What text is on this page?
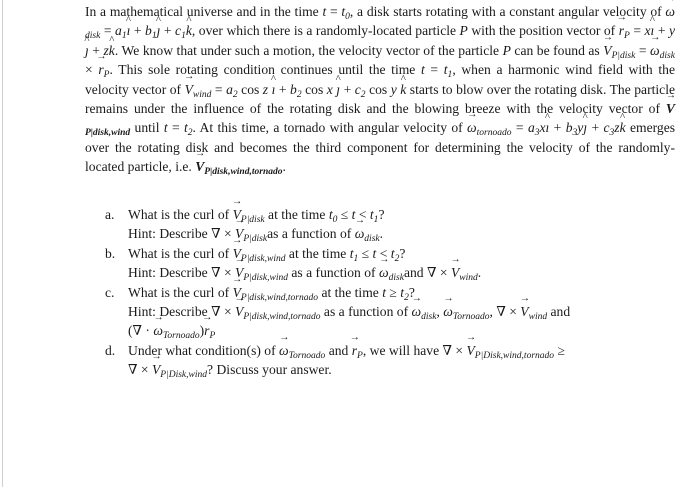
In a mathematical universe and in the time $t = t_0$, a disk starts rotating with a constant angular velocity of → $\omega_{disk}$ = $a_1\^{}$ ı + $b_1\^{}$ ȷ + $c_1\^{}$ k, over which there is a randomly-located particle P with the position vector of → $r_P$ = x^ ı + y^ ȷ + z^ k. We know that under such a motion, the velocity vector of the particle P can be found as → $V_{P|disk}$ = → $\omega_{disk}$ × → $r_P$. This sole rotating condition continues until the time $t = t_1$, when a harmonic wind field with the velocity vector of → $V_{wind} = a_2$ cos z ^ ı + $b_2$ cos x ^ ȷ + $c_2$ cos y ^ k starts to blow over the rotating disk. The particle remains under the influence of the rotating disk and the blowing breeze with the velocity vector of → $V_{P|disk,wind}$ until $t = t_2$. At this time, a tornado with angular velocity of → $\omega_{tornoado}$ = $a_3x\^{}$ ı + $b_3y\^{}$ ȷ + $c_3z\^{}$ k emerges over the rotating disk and becomes the third component for determining the velocity of the randomly-located particle, i.e. → $V_{P|disk,wind,tornado}$.
a. What is the curl of → $V_{P|disk}$ at the time $t_0 \le t < t_1$?
Hint: Describe ∇ × → $V_{P|disk}as$ a function of → $\omega_{disk}$.
b. What is the curl of → $V_{P|disk,wind}$ at the time $t_1 \le t < t_2$?
Hint: Describe ∇ × → $V_{P|disk,wind}$ as a function of → $\omega_{disk}and$ ∇ × → $V_{wind}$.
c. What is the curl of → $V_{P|disk,wind,tornado}$ at the time $t \ge t_2$?
Hint: Describe ∇ × → $V_{P|disk,wind,tornado}$ as a function of → $\omega_{disk}$, → $\omega_{Tornoado}$, ∇ × → $V_{wind}$ and
(∇ · → $\omega_{Tornoado})\to r_P$
d. Under what condition(s) of → $\omega_{Tornoado}$ and → $r_P$, we will have ∇ × → $V_{P|Disk,wind,tornado}$ ≥
∇ × → $V_{P|Disk,wind}$? Discuss your answer.
